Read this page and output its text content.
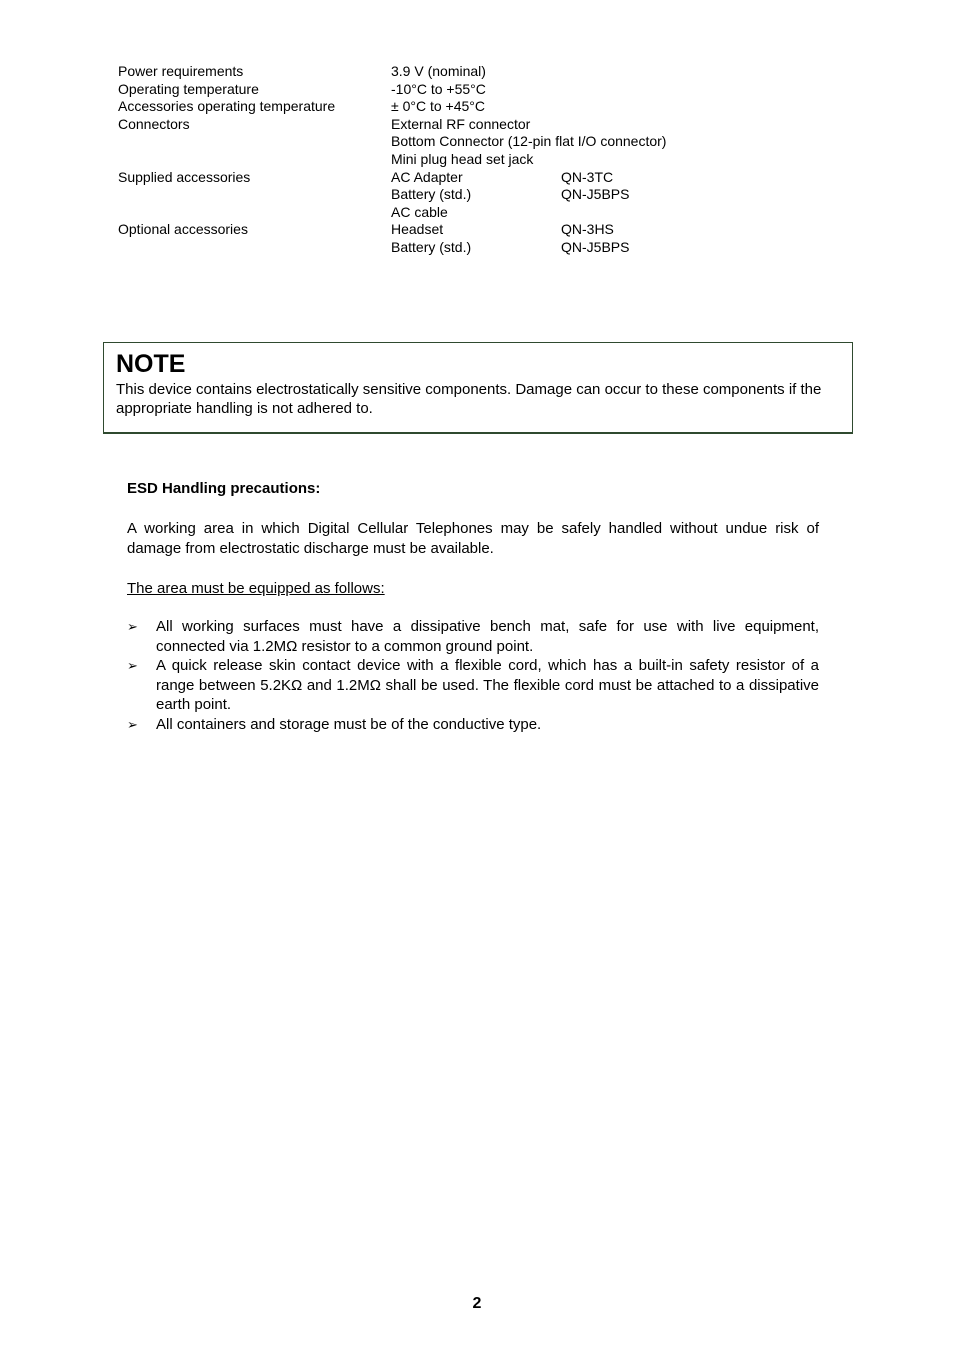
Power requirements	3.9 V (nominal)
Operating temperature	-10°C to +55°C
Accessories operating temperature	± 0°C to +45°C
Connectors	External RF connector
Bottom Connector (12-pin flat I/O connector)
Mini plug head set jack
Supplied accessories	AC Adapter	QN-3TC
Battery (std.)	QN-J5BPS
AC cable
Optional accessories	Headset	QN-3HS
Battery (std.)	QN-J5BPS
NOTE
This device contains electrostatically sensitive components. Damage can occur to these components if the appropriate handling is not adhered to.
ESD Handling precautions:
A working area in which Digital Cellular Telephones may be safely handled without undue risk of damage from electrostatic discharge must be available.
The area must be equipped as follows:
➢	All working surfaces must have a dissipative bench mat, safe for use with live equipment, connected via 1.2MΩ resistor to a common ground point.
➢	A quick release skin contact device with a flexible cord, which has a built-in safety resistor of a range between 5.2KΩ and 1.2MΩ shall be used. The flexible cord must be attached to a dissipative earth point.
➢	All containers and storage must be of the conductive type.
2
